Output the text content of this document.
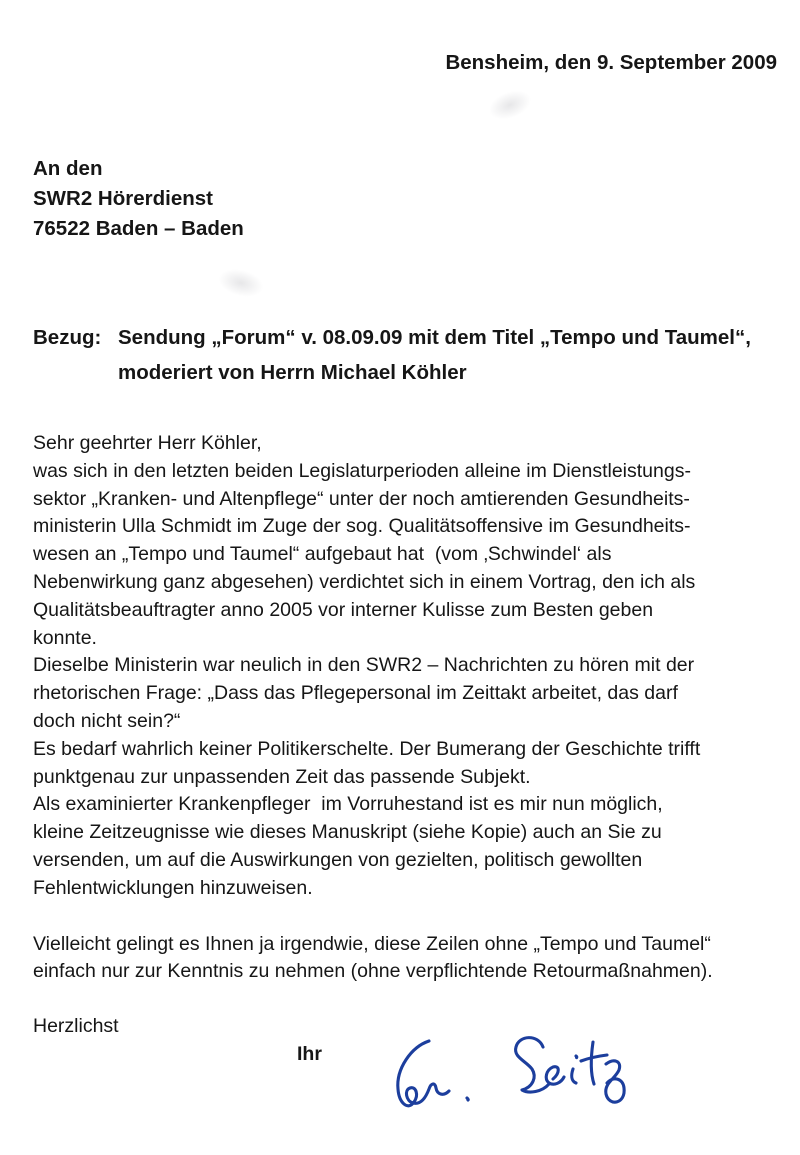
Bensheim, den 9. September 2009
An den
SWR2 Hörerdienst
76522 Baden – Baden
Bezug: Sendung „Forum“ v. 08.09.09 mit dem Titel „Tempo und Taumel“,
moderiert von Herrn Michael Köhler
Sehr geehrter Herr Köhler,
was sich in den letzten beiden Legislaturperioden alleine im Dienstleistungs-
sektor „Kranken- und Altenpflege“ unter der noch amtierenden Gesundheits-
ministerin Ulla Schmidt im Zuge der sog. Qualitätsoffensive im Gesundheits-
wesen an „Tempo und Taumel“ aufgebaut hat  (vom ‚Schwindel‘ als
Nebenwirkung ganz abgesehen) verdichtet sich in einem Vortrag, den ich als
Qualitätsbeauftragter anno 2005 vor interner Kulisse zum Besten geben
konnte.
Dieselbe Ministerin war neulich in den SWR2 – Nachrichten zu hören mit der
rhetorischen Frage: „Dass das Pflegepersonal im Zeittakt arbeitet, das darf
doch nicht sein?“
Es bedarf wahrlich keiner Politikerschelte. Der Bumerang der Geschichte trifft
punktgenau zur unpassenden Zeit das passende Subjekt.
Als examinierter Krankenpfleger  im Vorruhestand ist es mir nun möglich,
kleine Zeitzeugnisse wie dieses Manuskript (siehe Kopie) auch an Sie zu
versenden, um auf die Auswirkungen von gezielten, politisch gewollten
Fehlentwicklungen hinzuweisen.
Vielleicht gelingt es Ihnen ja irgendwie, diese Zeilen ohne „Tempo und Taumel“
einfach nur zur Kenntnis zu nehmen (ohne verpflichtende Retourmaßnahmen).
Herzlichst
Ihr
